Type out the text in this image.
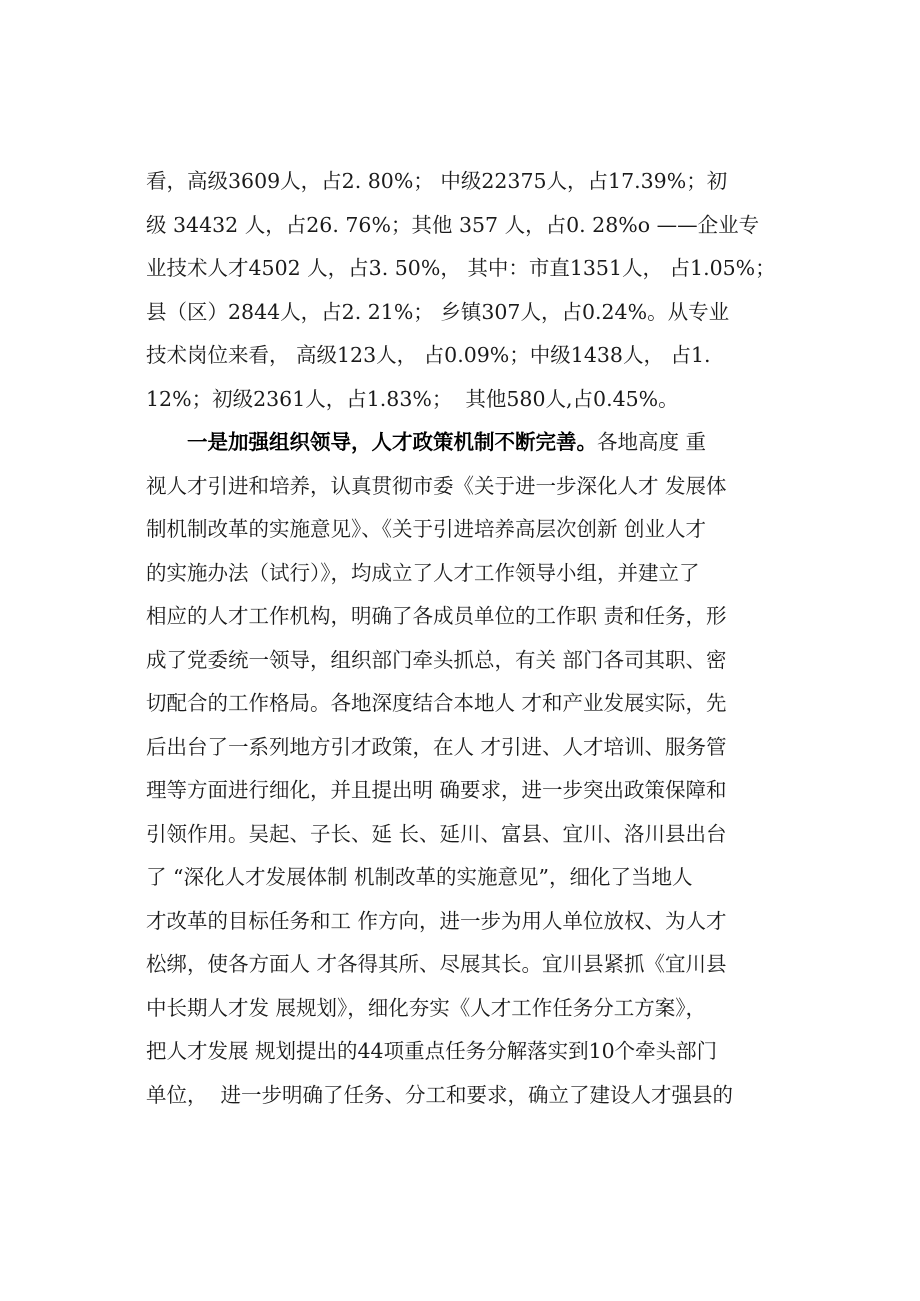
看，高级3609人，占2. 80%； 中级22375人，占17.39%；初
级 34432 人，占26. 76%；其他 357 人，占0. 28%o ——企业专
业技术人才4502 人，占3. 50%， 其中：市直1351人， 占1.05%；
县（区）2844人，占2. 21%； 乡镇307人，占0.24%。从专业
技术岗位来看， 高级123人， 占0.09%；中级1438人， 占1.
12%；初级2361人，占1.83%；  其他580人,占0.45%。
一是加强组织领导，人才政策机制不断完善。各地高度 重
视人才引进和培养，认真贯彻市委《关于进一步深化人才 发展体
制机制改革的实施意见》、《关于引进培养高层次创新 创业人才
的实施办法（试行）》，均成立了人才工作领导小组，并建立了
相应的人才工作机构，明确了各成员单位的工作职 责和任务，形
成了党委统一领导，组织部门牵头抓总，有关 部门各司其职、密
切配合的工作格局。各地深度结合本地人 才和产业发展实际，先
后出台了一系列地方引才政策，在人 才引进、人才培训、服务管
理等方面进行细化，并且提出明 确要求，进一步突出政策保障和
引领作用。吴起、子长、延 长、延川、富县、宜川、洛川县出台
了 “深化人才发展体制 机制改革的实施意见”，细化了当地人
才改革的目标任务和工 作方向，进一步为用人单位放权、为人才
松绑，使各方面人 才各得其所、尽展其长。宜川县紧抓《宜川县
中长期人才发 展规划》，细化夯实《人才工作任务分工方案》，
把人才发展 规划提出的44项重点任务分解落实到10个牵头部门
单位，  进一步明确了任务、分工和要求，确立了建设人才强县的
